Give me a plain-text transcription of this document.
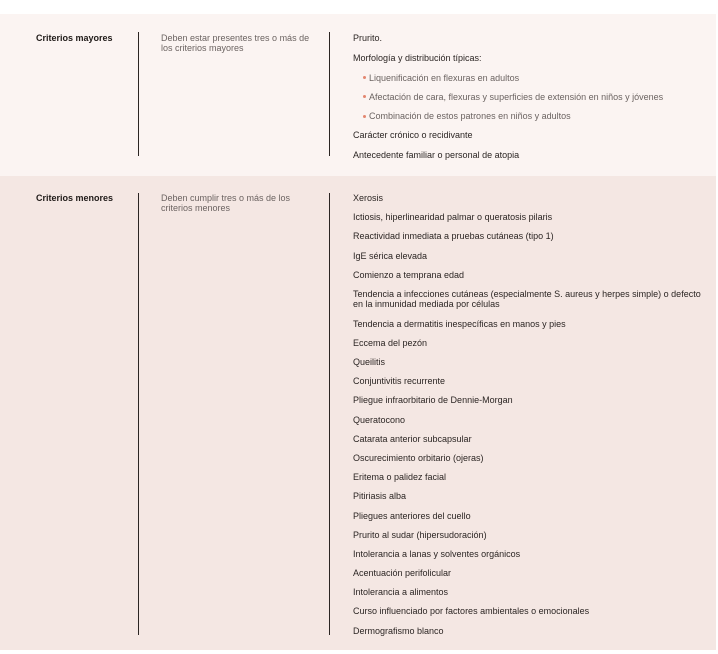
Criterios mayores	Deben estar presentes tres o más de los criterios mayores
Prurito.
Morfología y distribución típicas:
Liquenificación en flexuras en adultos
Afectación de cara, flexuras y superficies de extensión en niños y jóvenes
Combinación de estos patrones en niños y adultos
Carácter crónico o recidivante
Antecedente familiar o personal de atopia
Criterios menores	Deben cumplir tres o más de los criterios menores
Xerosis
Ictiosis, hiperlinearidad palmar o queratosis pilaris
Reactividad inmediata a pruebas cutáneas (tipo 1)
IgE sérica elevada
Comienzo a temprana edad
Tendencia a infecciones cutáneas (especialmente S. aureus y herpes simple) o defecto en la inmunidad mediada por células
Tendencia a dermatitis inespecíficas en manos y pies
Eccema del pezón
Queilitis
Conjuntivitis recurrente
Pliegue infraorbitario de Dennie-Morgan
Queratocono
Catarata anterior subcapsular
Oscurecimiento orbitario (ojeras)
Eritema o palidez facial
Pitiriasis alba
Pliegues anteriores del cuello
Prurito al sudar (hipersudoración)
Intolerancia a lanas y solventes orgánicos
Acentuación perifolicular
Intolerancia a alimentos
Curso influenciado por factores ambientales o emocionales
Dermografismo blanco
